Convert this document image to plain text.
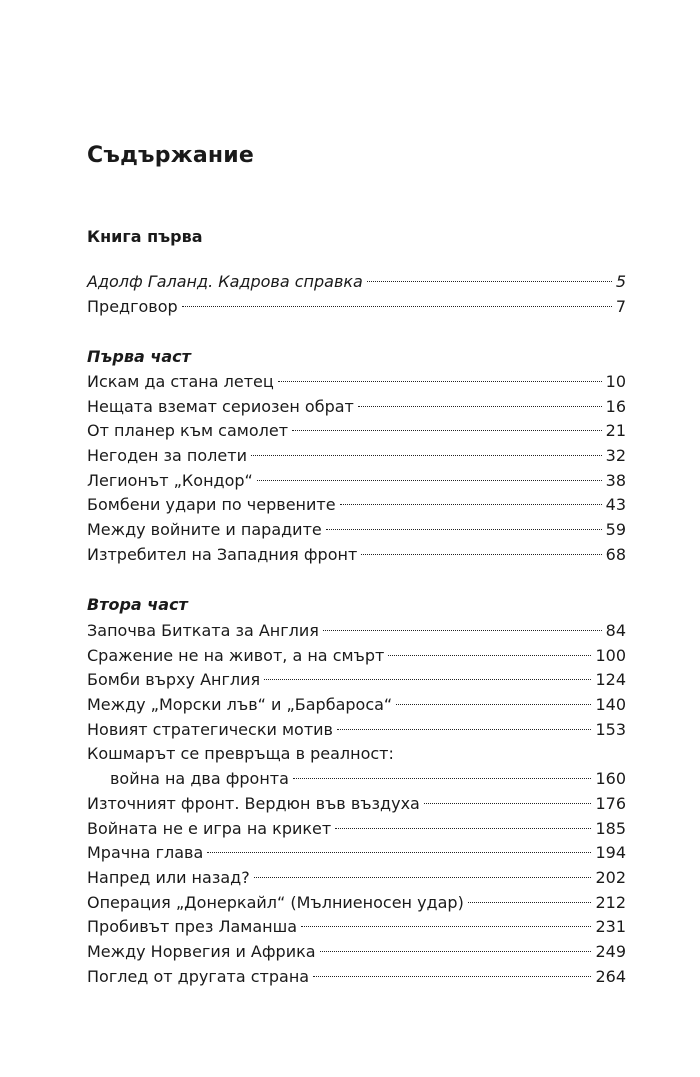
Съдържание
Книга първа
Адолф Галанд. Кадрова справка	5
Предговор	7
Първа част
Искам да стана летец	10
Нещата вземат сериозен обрат	16
От планер към самолет	21
Негоден за полети	32
Легионът „Кондор“	38
Бомбени удари по червените	43
Между войните и парадите	59
Изтребител на Западния фронт	68
Втора част
Започва Битката за Англия	84
Сражение не на живот, а на смърт	100
Бомби върху Англия	124
Между „Морски лъв“ и „Барбароса“	140
Новият стратегически мотив	153
Кошмарът се превръща в реалност:
война на два фронта	160
Източният фронт. Вердюн във въздуха	176
Войната не е игра на крикет	185
Мрачна глава	194
Напред или назад?	202
Операция „Донеркайл“ (Мълниеносен удар)	212
Пробивът през Ламанша	231
Между Норвегия и Африка	249
Поглед от другата страна	264
